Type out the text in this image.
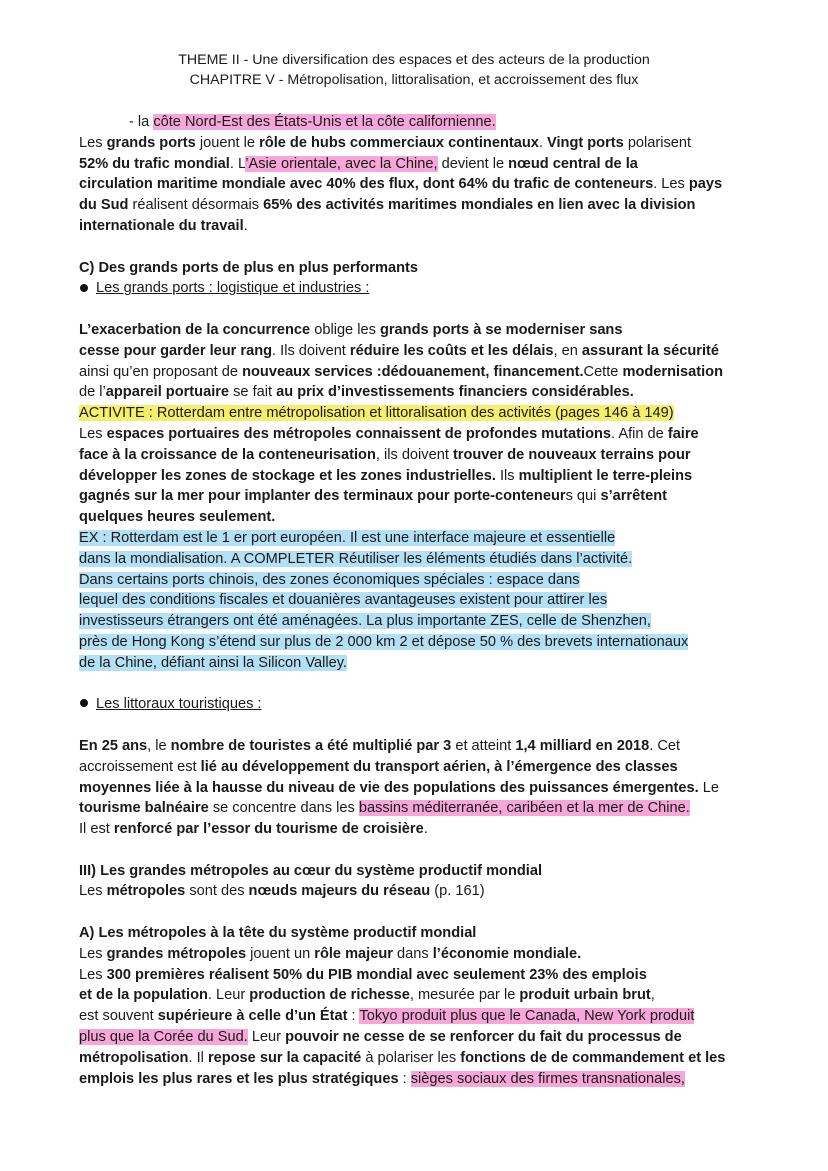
THEME II - Une diversification des espaces et des acteurs de la production
CHAPITRE V - Métropolisation, littoralisation, et accroissement des flux
- la côte Nord-Est des États-Unis et la côte californienne.
Les grands ports jouent le rôle de hubs commerciaux continentaux. Vingt ports polarisent
52% du trafic mondial. L’Asie orientale, avec la Chine, devient le nœud central de la
circulation maritime mondiale avec 40% des flux, dont 64% du trafic de conteneurs. Les pays
du Sud réalisent désormais 65% des activités maritimes mondiales en lien avec la division
internationale du travail.
C) Des grands ports de plus en plus performants
Les grands ports : logistique et industries :
L’exacerbation de la concurrence oblige les grands ports à se moderniser sans
cesse pour garder leur rang. Ils doivent réduire les coûts et les délais, en assurant la sécurité
ainsi qu’en proposant de nouveaux services :dédouanement, financement.Cette modernisation
de l’appareil portuaire se fait au prix d’investissements financiers considérables.
ACTIVITE : Rotterdam entre métropolisation et littoralisation des activités (pages 146 à 149)
Les espaces portuaires des métropoles connaissent de profondes mutations. Afin de faire
face à la croissance de la conteneurisation, ils doivent trouver de nouveaux terrains pour
développer les zones de stockage et les zones industrielles. Ils multiplient le terre-pleins
gagnés sur la mer pour implanter des terminaux pour porte-conteneurs qui s’arrêtent
quelques heures seulement.
EX : Rotterdam est le 1 er port européen. Il est une interface majeure et essentielle
dans la mondialisation. A COMPLETER Réutiliser les éléments étudiés dans l’activité.
Dans certains ports chinois, des zones économiques spéciales : espace dans
lequel des conditions fiscales et douanières avantageuses existent pour attirer les
investisseurs étrangers ont été aménagées. La plus importante ZES, celle de Shenzhen,
près de Hong Kong s’étend sur plus de 2 000 km 2 et dépose 50 % des brevets internationaux
de la Chine, défiant ainsi la Silicon Valley.
Les littoraux touristiques :
En 25 ans, le nombre de touristes a été multiplié par 3 et atteint 1,4 milliard en 2018. Cet
accroissement est lié au développement du transport aérien, à l’émergence des classes
moyennes liée à la hausse du niveau de vie des populations des puissances émergentes. Le
tourisme balnéaire se concentre dans les bassins méditerranée, caribéen et la mer de Chine.
Il est renforcé par l’essor du tourisme de croisière.
III) Les grandes métropoles au cœur du système productif mondial
Les métropoles sont des nœuds majeurs du réseau (p. 161)
A) Les métropoles à la tête du système productif mondial
Les grandes métropoles jouent un rôle majeur dans l’économie mondiale.
Les 300 premières réalisent 50% du PIB mondial avec seulement 23% des emplois
et de la population. Leur production de richesse, mesurée par le produit urbain brut,
est souvent supérieure à celle d’un État : Tokyo produit plus que le Canada, New York produit
plus que la Corée du Sud. Leur pouvoir ne cesse de se renforcer du fait du processus de
métropolisation. Il repose sur la capacité à polariser les fonctions de de commandement et les
emplois les plus rares et les plus stratégiques : sièges sociaux des firmes transnationales,
